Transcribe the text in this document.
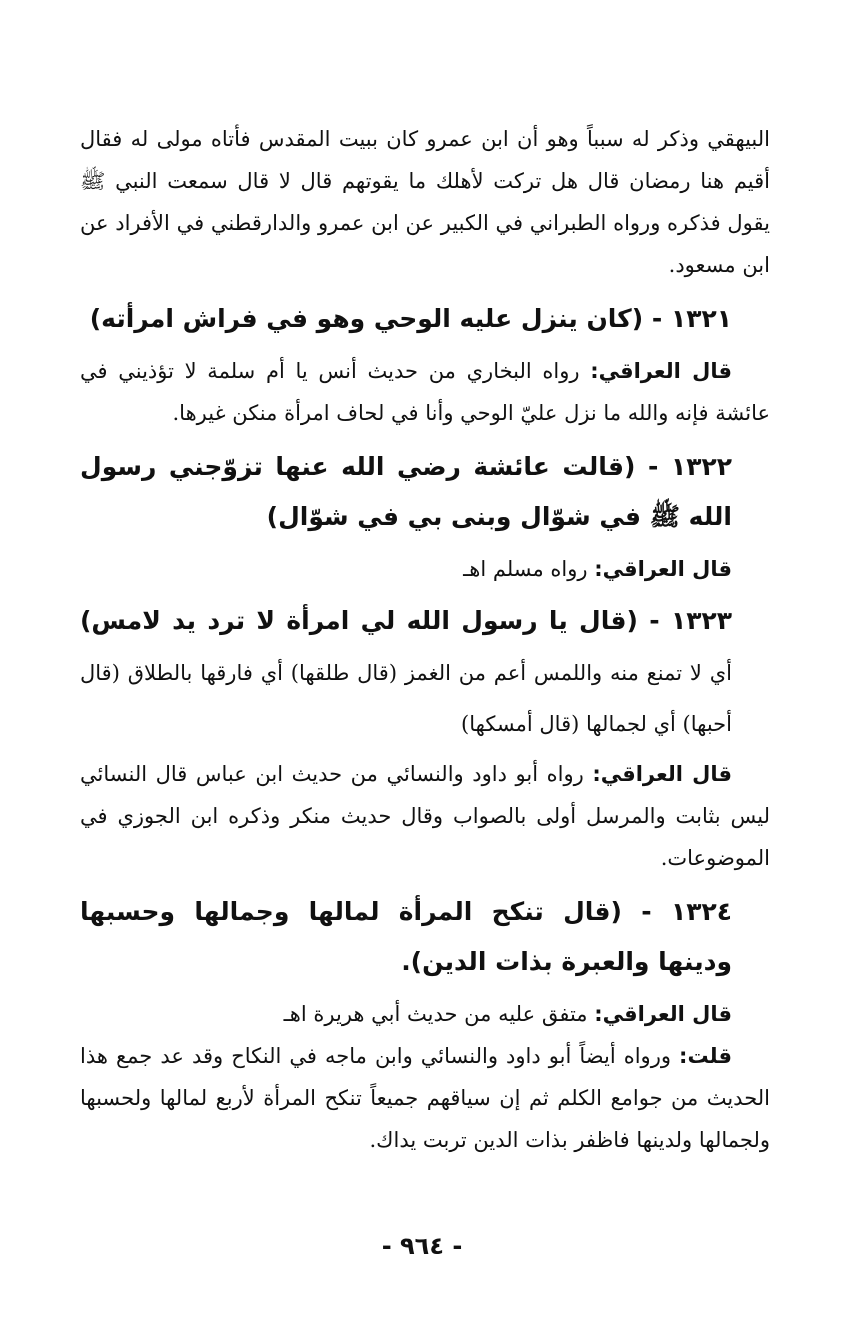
البيهقي وذكر له سبباً وهو أن ابن عمرو كان ببيت المقدس فأتاه مولى له فقال أقيم هنا رمضان قال هل تركت لأهلك ما يقوتهم قال لا قال سمعت النبي ﷺ يقول فذكره ورواه الطبراني في الكبير عن ابن عمرو والدارقطني في الأفراد عن ابن مسعود.

١٣٢١ - (كان ينزل عليه الوحي وهو في فراش امرأته)

قال العراقي: رواه البخاري من حديث أنس يا أم سلمة لا تؤذيني في عائشة فإنه والله ما نزل عليّ الوحي وأنا في لحاف امرأة منكن غيرها.

١٣٢٢ - (قالت عائشة رضي الله عنها تزوّجني رسول الله ﷺ في شوّال وبنى بي في شوّال)

قال العراقي: رواه مسلم اهـ

١٣٢٣ - (قال يا رسول الله لي امرأة لا ترد يد لامس) أي لا تمنع منه واللمس أعم من الغمز (قال طلقها) أي فارقها بالطلاق (قال أحبها) أي لجمالها (قال أمسكها)

قال العراقي: رواه أبو داود والنسائي من حديث ابن عباس قال النسائي ليس بثابت والمرسل أولى بالصواب وقال حديث منكر وذكره ابن الجوزي في الموضوعات.

١٣٢٤ - (قال تنكح المرأة لمالها وجمالها وحسبها ودينها والعبرة بذات الدين).

قال العراقي: متفق عليه من حديث أبي هريرة اهـ

قلت: ورواه أيضاً أبو داود والنسائي وابن ماجه في النكاح وقد عد جمع هذا الحديث من جوامع الكلم ثم إن سياقهم جميعاً تنكح المرأة لأربع لمالها ولحسبها ولجمالها ولدينها فاظفر بذات الدين تربت يداك.

- ٩٦٤ -
